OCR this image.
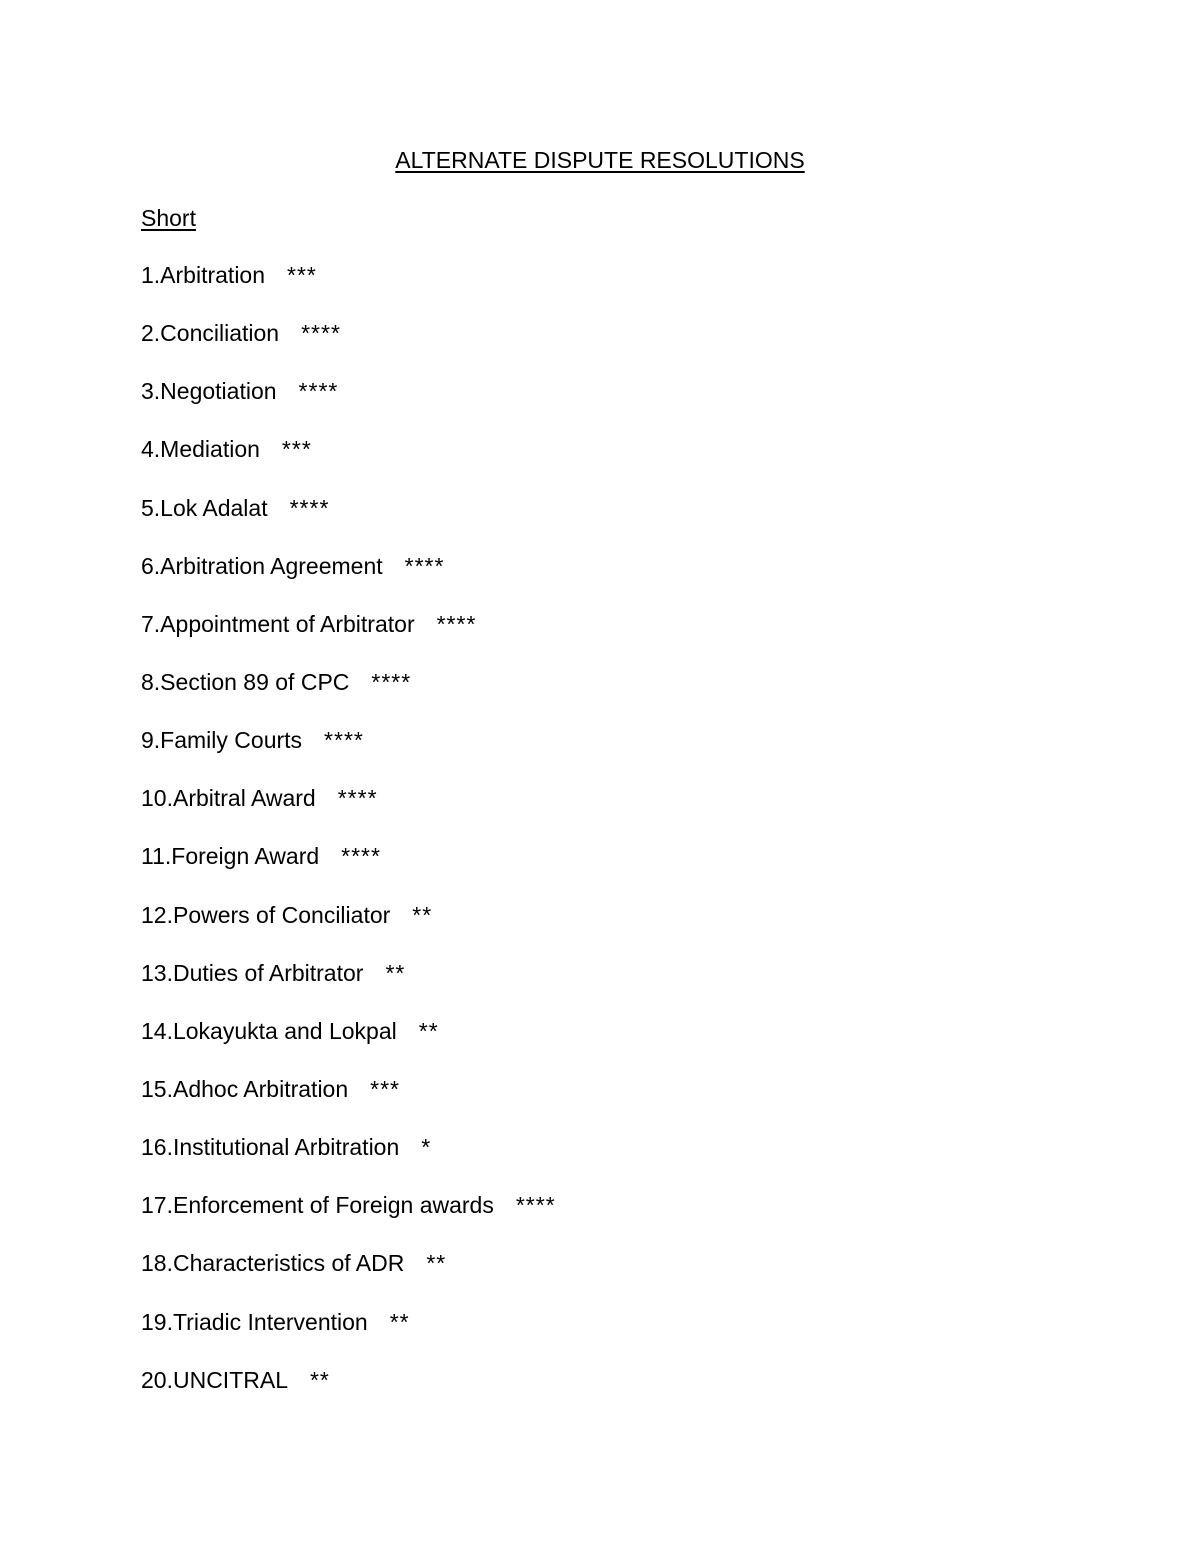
ALTERNATE DISPUTE RESOLUTIONS
Short
1.Arbitration ***
2.Conciliation ****
3.Negotiation ****
4.Mediation ***
5.Lok Adalat ****
6.Arbitration Agreement ****
7.Appointment of Arbitrator ****
8.Section 89 of CPC ****
9.Family Courts ****
10.Arbitral Award ****
11.Foreign Award ****
12.Powers of Conciliator **
13.Duties of Arbitrator **
14.Lokayukta and Lokpal **
15.Adhoc Arbitration ***
16.Institutional Arbitration *
17.Enforcement of Foreign awards ****
18.Characteristics of ADR **
19.Triadic Intervention **
20.UNCITRAL **
